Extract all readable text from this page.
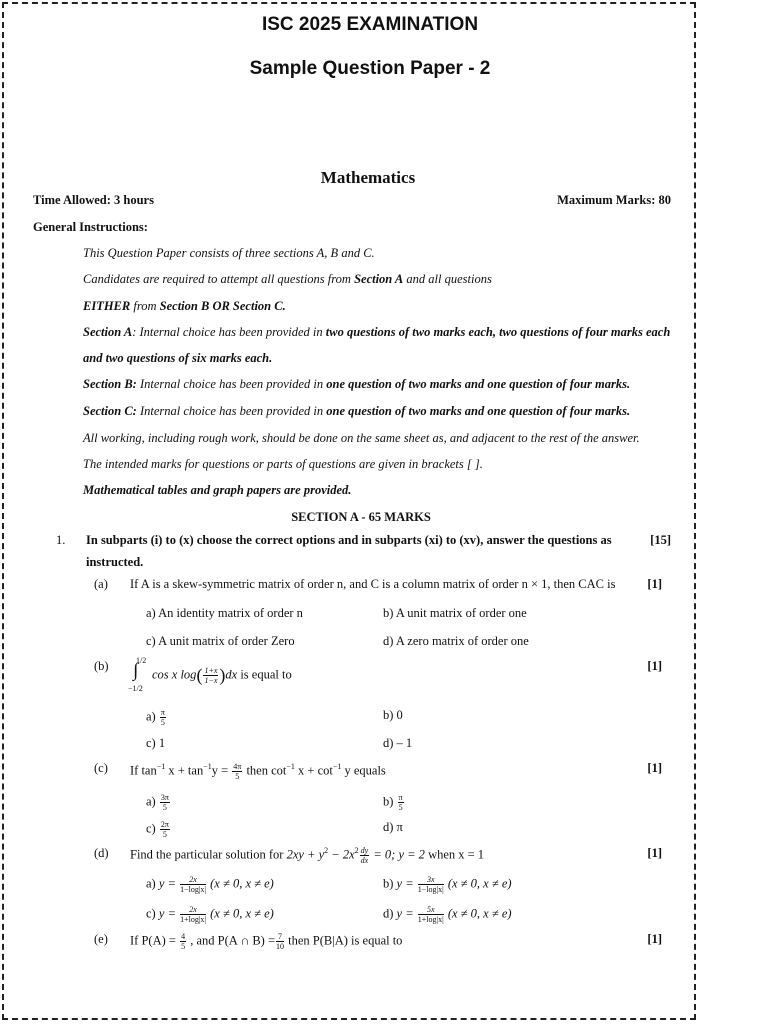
ISC 2025 EXAMINATION
Sample Question Paper - 2
Mathematics
Time Allowed: 3 hours	Maximum Marks: 80
General Instructions:
This Question Paper consists of three sections A, B and C.
Candidates are required to attempt all questions from Section A and all questions
EITHER from Section B OR Section C.
Section A: Internal choice has been provided in two questions of two marks each, two questions of four marks each
and two questions of six marks each.
Section B: Internal choice has been provided in one question of two marks and one question of four marks.
Section C: Internal choice has been provided in one question of two marks and one question of four marks.
All working, including rough work, should be done on the same sheet as, and adjacent to the rest of the answer.
The intended marks for questions or parts of questions are given in brackets [ ].
Mathematical tables and graph papers are provided.
SECTION A - 65 MARKS
1. In subparts (i) to (x) choose the correct options and in subparts (xi) to (xv), answer the questions as
instructed.
[15]
(a) If A is a skew-symmetric matrix of order n, and C is a column matrix of order n × 1, then CAC is	[1]
a) An identity matrix of order n	b) A unit matrix of order one
c) A unit matrix of order Zero	d) A zero matrix of order one
(b)	1/2
∫
−1/2
cos x $\log( \frac{1+x}{1-x} )dx$ is equal to
[1]
$a) \frac{\pi}{5}$	b) 0
c) 1	d) – 1
(c) If $\tan^{-1} x + \tan^{-1}y = \frac{4\pi}{5}$ then $\cot^{-1} x + \cot^{-1} y$ equals	[1]
$a) \frac{3\pi}{5}$	$b) \frac{\pi}{5}$
$c) \frac{2\pi}{5}$	d) π
(d) Find the particular solution for $2xy + y^2 - 2x^2 \frac{dy}{dx} = 0$; y = 2 when x = 1	[1]
a) $y = \frac{2x}{1-\log|x|} (x \ne 0$, x ≠ e)	b) $y = \frac{3x}{1-\log|x|} (x \ne 0$, x ≠ e)
c) $y = \frac{2x}{1+\log|x|} (x \ne 0$, x ≠ e)	d) $y = \frac{5x}{1+\log|x|} (x \ne 0$, x ≠ e)
(e) If $P(A) = \frac{4}{5}$ , and P(A ∩ $B) = \frac{7}{10}$ then P(B|A) is equal to	[1]
